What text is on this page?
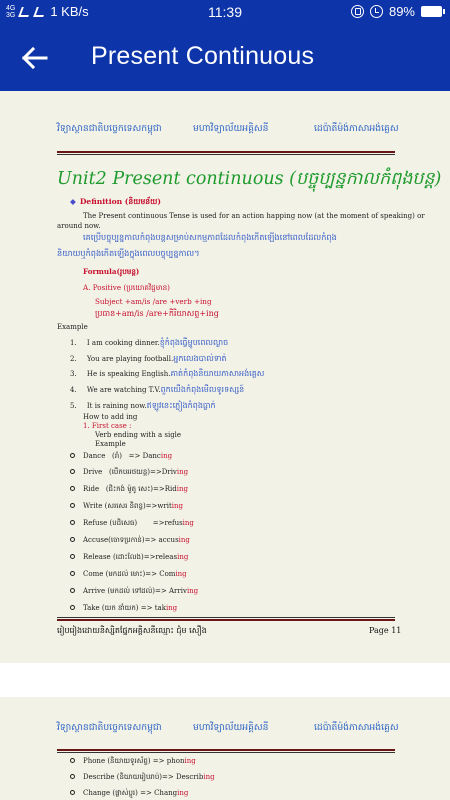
4G
3G	1 KB/s	11:39	89%
Present Continuous
វិទ្យាស្ថានជាតិបច្ចេកទេសកម្ពុជា	មហាវិទ្យាល័យអគ្គិសនី	ដេប៉ាតឺម៉ង់ភាសាអង់គ្លេស
Unit2 Present continuous (បច្ចុប្បន្នកាលកំពុងបន្ត)
◆ Definition (និយមន័យ)
The Present continuous Tense is used for an action happing now (at the moment of speaking) or
around now.
គេប្រើបច្ចុប្បន្នកាលកំពុងបន្តសម្រាប់សកម្មភាពដែលកំពុងកើតឡើងនៅពេលដែលកំពុង
និយាយឬកំពុងកើតឡើងក្នុងពេលបច្ចុប្បន្នកាល។
Formula(រូបមន្ត)
A. Positive (ប្រយោគវិជ្ជមាន)
Subject +am/is /are +verb +ing
ប្រធាន+am/is /are+កិរិយាសព្ទ+ing
Example
1. I am cooking dinner.ខ្ញុំកំពុងធ្វើម្ហូបពេលល្ងាច
2. You are playing football.អ្នកលេងបាល់ទាត់
3. He is speaking English.គាត់កំពុងនិយាយភាសាអង់គ្លេស
4. We are watching T.V.ពួកយើងកំពុងមើលទូរទស្សន៍
5. It is raining now.ឥឡូវនេះភ្លៀងកំពុងធ្លាក់
How to add ing
1. First case :
Verb ending with a sigle
Example
Dance (រាំ) => Dancing
Drive (បើកបររថយន្ត)=>Driving
Ride (ជិះកង់ ម៉ូតូ សេះ)=>Riding
Write (សរសេរ និពន្ធ)=>writing
Refuse (បដិសេធ) =>refusing
Accuse(ចោទប្រកាន់)=> accusing
Release (ដោះលែង)=>releasing
Come (មកដល់ មោះ)=> Coming
Arrive (មកដល់ ទៅដល់)=> Arriving
Take (យក នាំយក) => taking
រៀបរៀងដោយនិស្សិតផ្នែកអគ្គិសនីឈ្មោះ ជុំម សឿង	Page 11
វិទ្យាស្ថានជាតិបច្ចេកទេសកម្ពុជា	មហាវិទ្យាល័យអគ្គិសនី	ដេប៉ាតឺម៉ង់ភាសាអង់គ្លេស
Phone (និយាយទូរស័ព្ទ) => phoning
Describe (និយាយរៀបរាប់)=> Describing
Change (ផ្លាស់ប្តូរ) => Changing
